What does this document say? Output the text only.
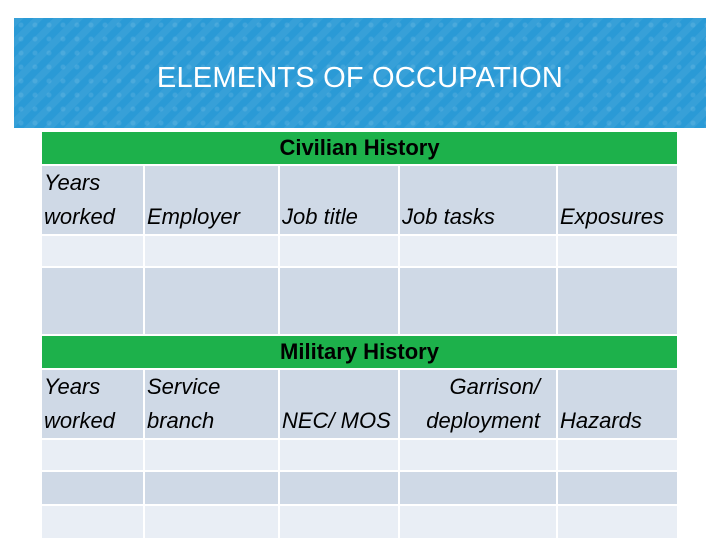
ELEMENTS OF OCCUPATION
Civilian History				
Years worked	Employer	Job title	Job tasks	Exposures

Military History				
Years worked	Service branch	NEC/ MOS	Garrison/ deployment	Hazards
